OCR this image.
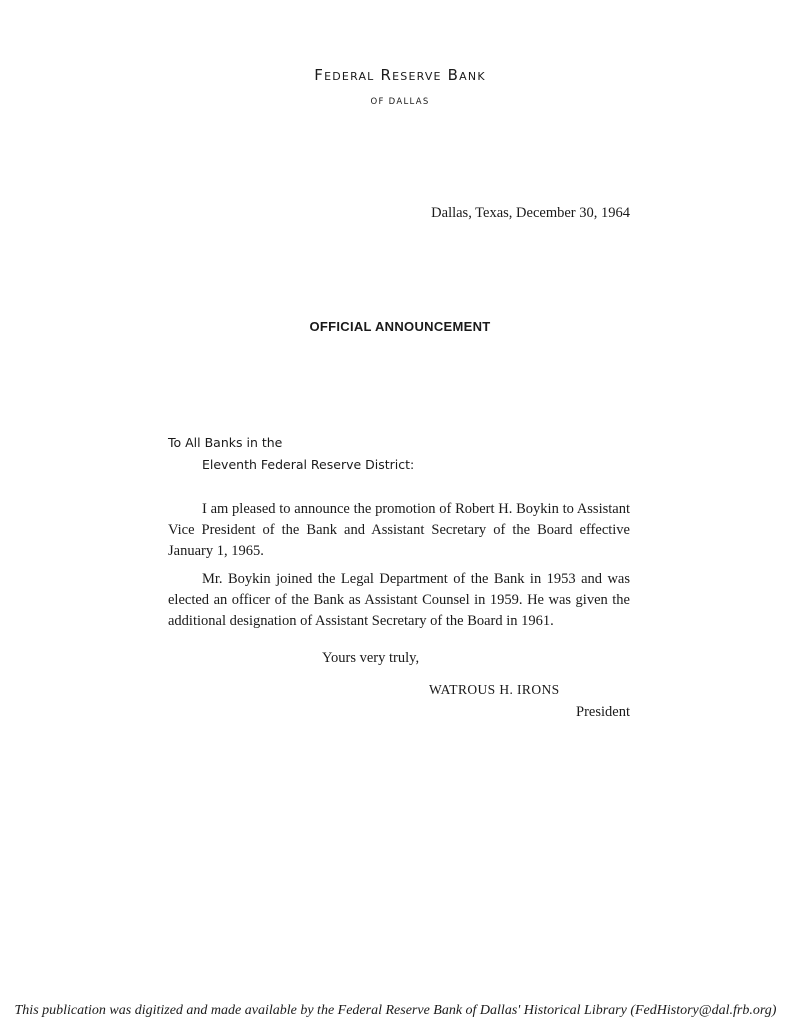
Federal Reserve Bank
OF DALLAS
Dallas, Texas, December 30, 1964
OFFICIAL ANNOUNCEMENT
To All Banks in the
Eleventh Federal Reserve District:

I am pleased to announce the promotion of Robert H. Boykin to Assistant Vice President of the Bank and Assistant Secretary of the Board effective January 1, 1965.

Mr. Boykin joined the Legal Department of the Bank in 1953 and was elected an officer of the Bank as Assistant Counsel in 1959. He was given the additional designation of Assistant Secretary of the Board in 1961.

Yours very truly,
WATROUS H. IRONS
President
This publication was digitized and made available by the Federal Reserve Bank of Dallas' Historical Library (FedHistory@dal.frb.org)
